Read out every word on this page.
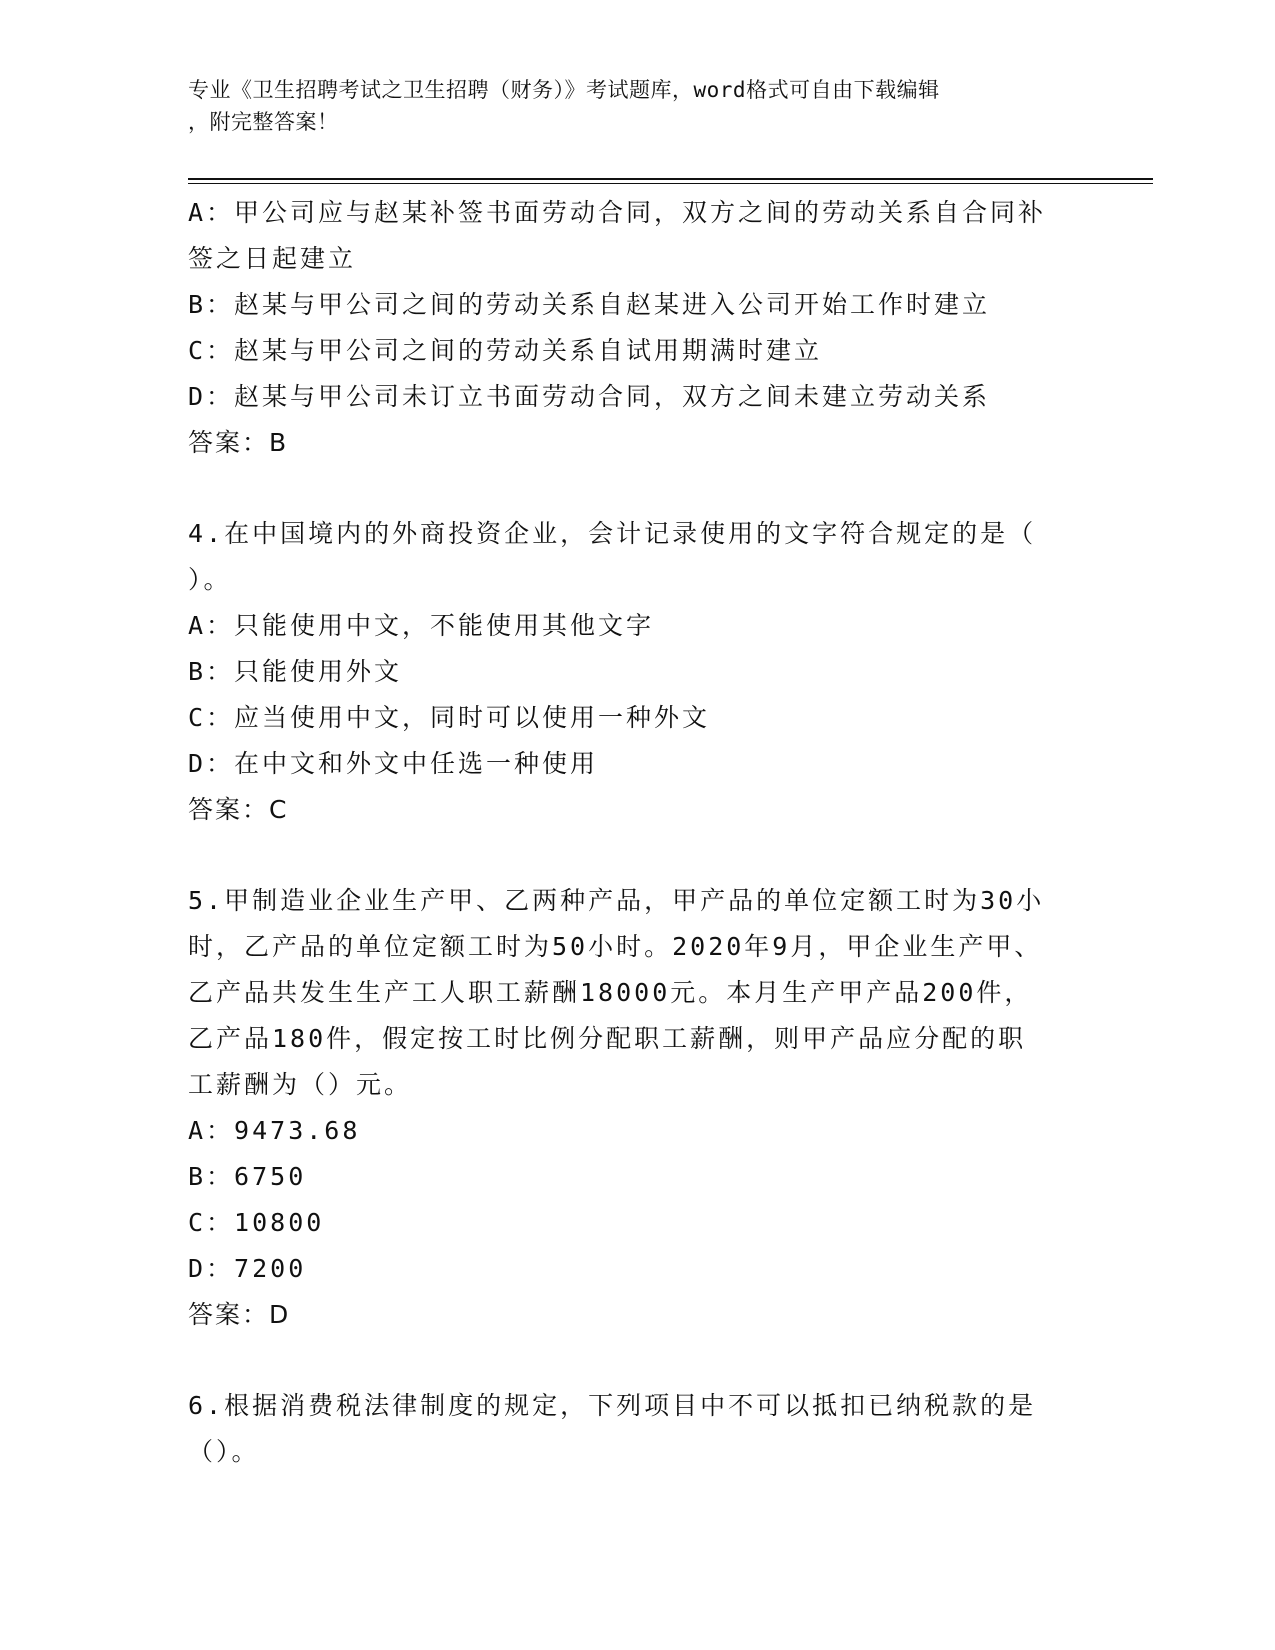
专业《卫生招聘考试之卫生招聘（财务）》考试题库，word格式可自由下载编辑
，附完整答案！
A：甲公司应与赵某补签书面劳动合同，双方之间的劳动关系自合同补
签之日起建立
B：赵某与甲公司之间的劳动关系自赵某进入公司开始工作时建立
C：赵某与甲公司之间的劳动关系自试用期满时建立
D：赵某与甲公司未订立书面劳动合同，双方之间未建立劳动关系
答案：B
4.在中国境内的外商投资企业，会计记录使用的文字符合规定的是（
）。
A：只能使用中文，不能使用其他文字
B：只能使用外文
C：应当使用中文，同时可以使用一种外文
D：在中文和外文中任选一种使用
答案：C
5.甲制造业企业生产甲、乙两种产品，甲产品的单位定额工时为30小
时，乙产品的单位定额工时为50小时。2020年9月，甲企业生产甲、
乙产品共发生生产工人职工薪酬18000元。本月生产甲产品200件，
乙产品180件，假定按工时比例分配职工薪酬，则甲产品应分配的职
工薪酬为（）元。
A：9473.68
B：6750
C：10800
D：7200
答案：D
6.根据消费税法律制度的规定，下列项目中不可以抵扣已纳税款的是
（）。
